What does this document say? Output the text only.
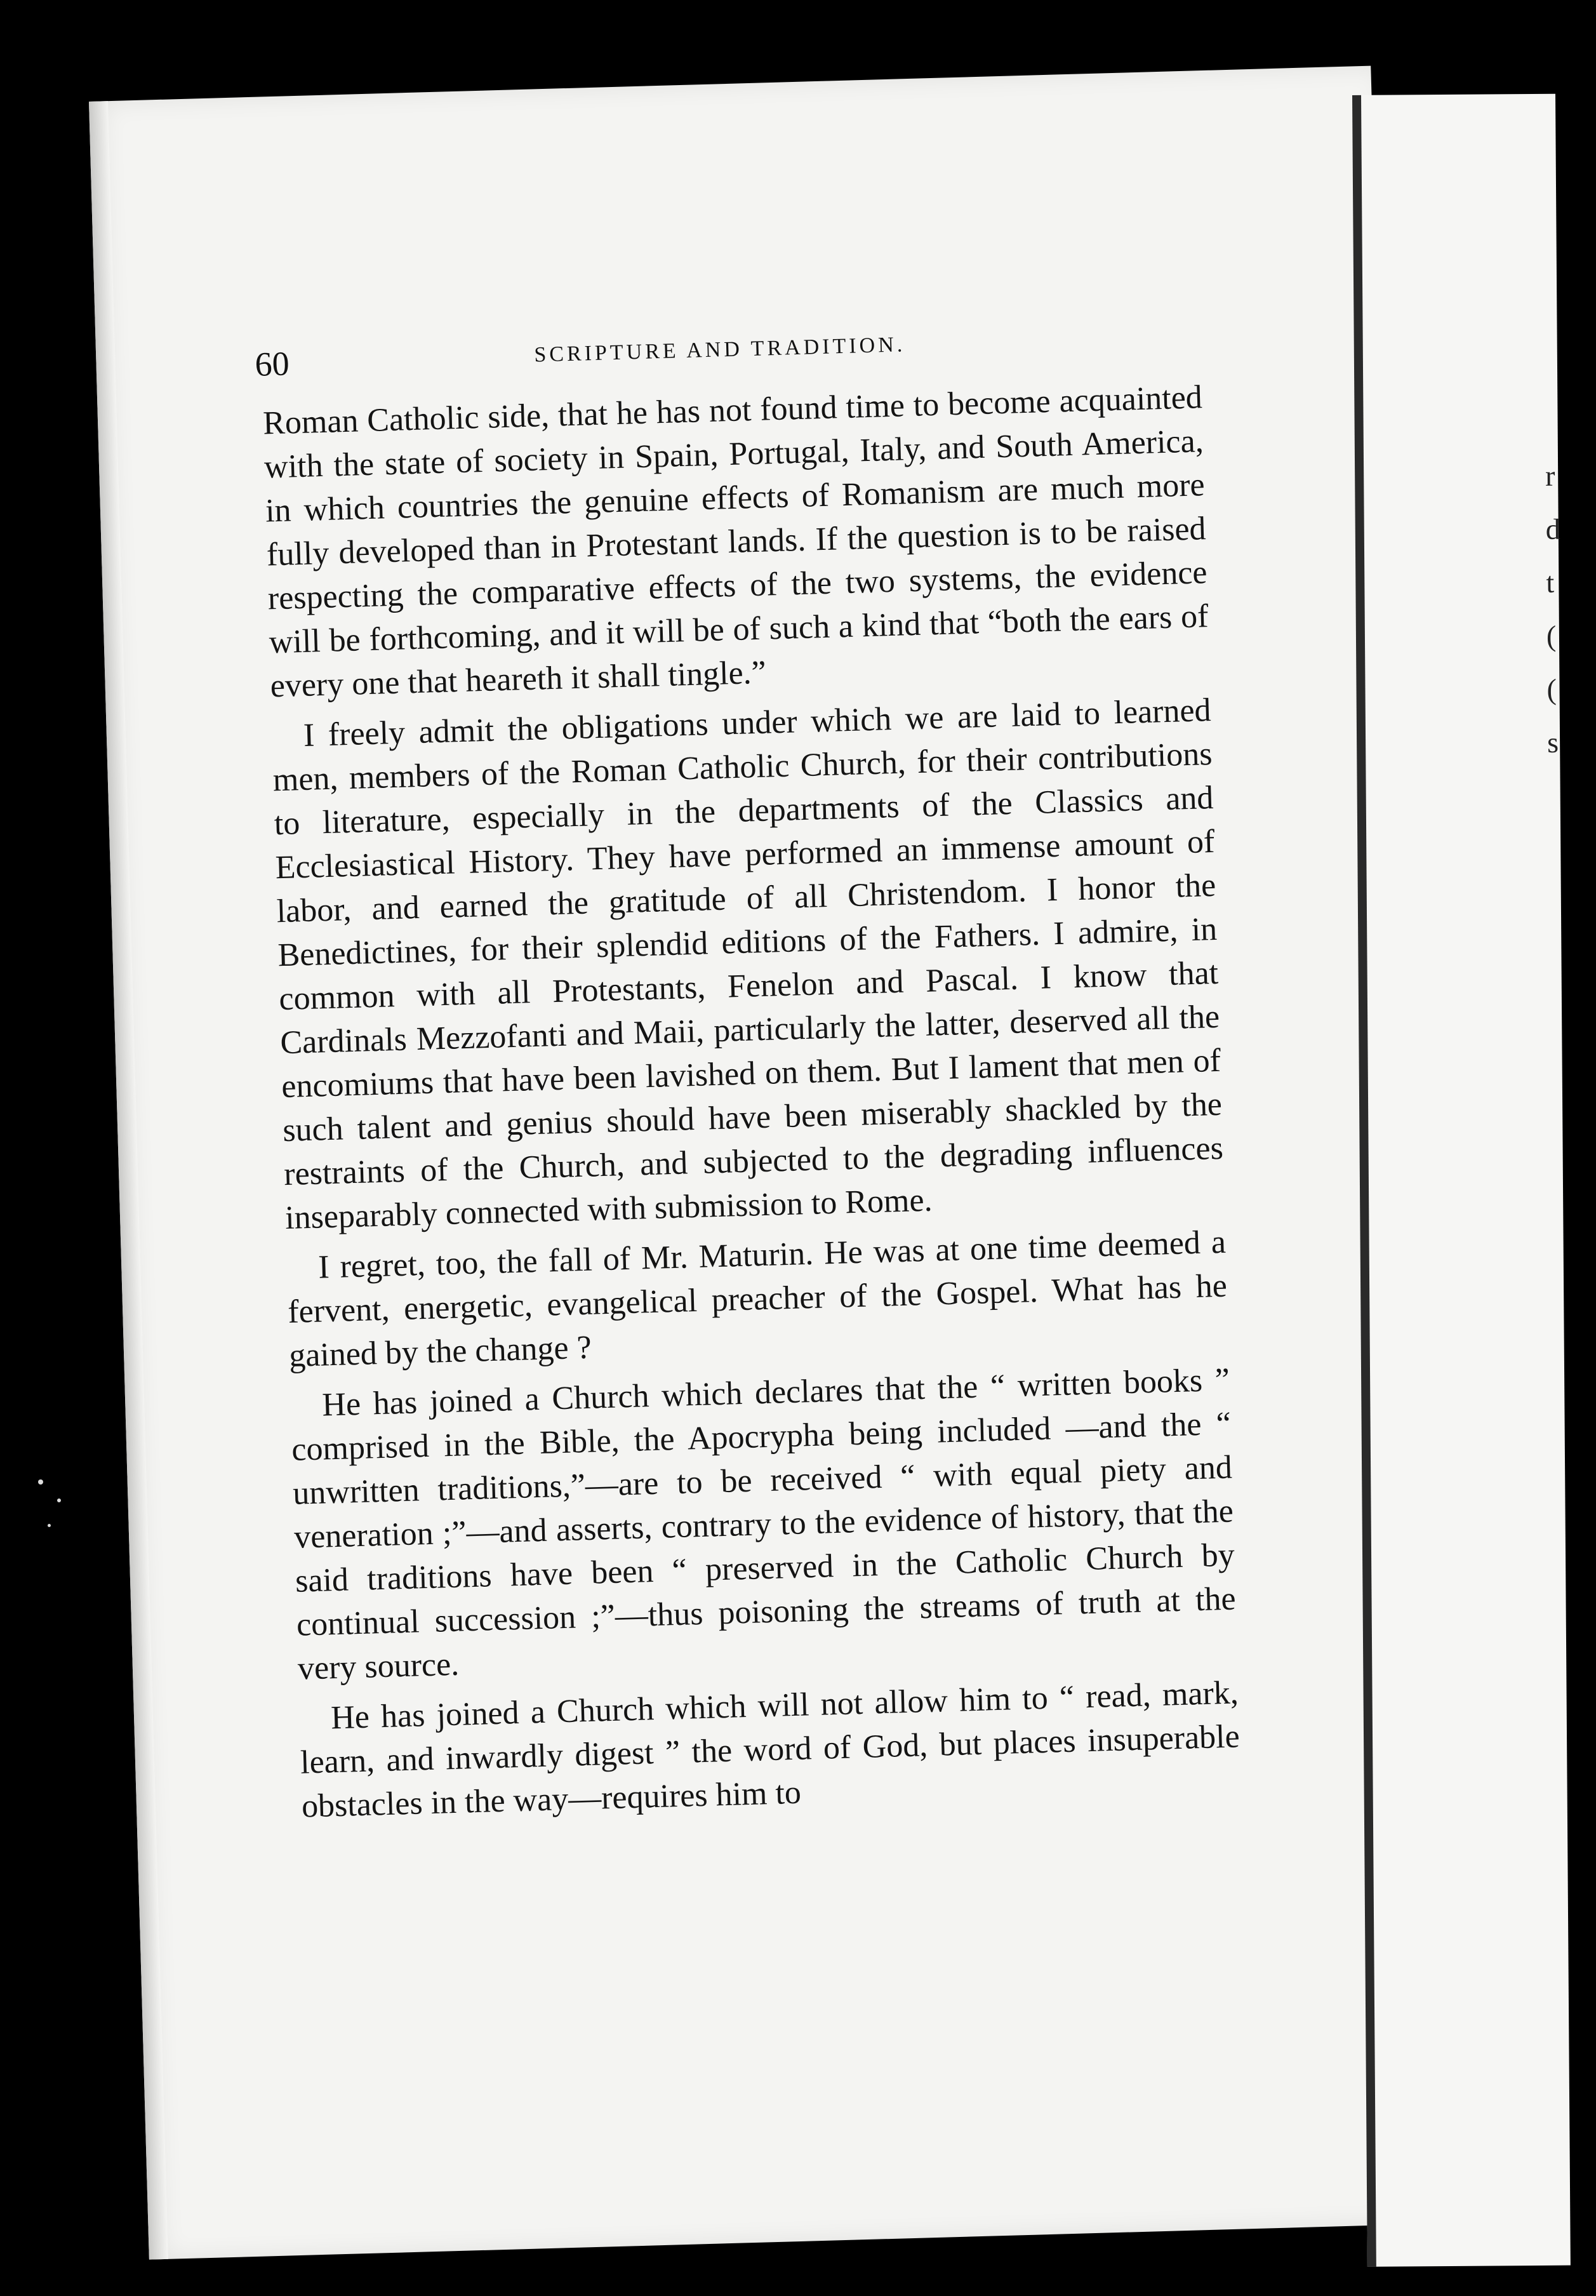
60	SCRIPTURE AND TRADITION.

Roman Catholic side, that he has not found time to become acquainted with the state of society in Spain, Portugal, Italy, and South America, in which countries the genuine effects of Romanism are much more fully developed than in Protestant lands. If the question is to be raised respecting the comparative effects of the two systems, the evidence will be forthcoming, and it will be of such a kind that “both the ears of every one that heareth it shall tingle.”

I freely admit the obligations under which we are laid to learned men, members of the Roman Catholic Church, for their contributions to literature, especially in the departments of the Classics and Ecclesiastical History. They have performed an immense amount of labor, and earned the gratitude of all Christendom. I honor the Benedictines, for their splendid editions of the Fathers. I admire, in common with all Protestants, Fenelon and Pascal. I know that Cardinals Mezzofanti and Maii, particularly the latter, deserved all the encomiums that have been lavished on them. But I lament that men of such talent and genius should have been miserably shackled by the restraints of the Church, and subjected to the degrading influences inseparably connected with submission to Rome.

I regret, too, the fall of Mr. Maturin. He was at one time deemed a fervent, energetic, evangelical preacher of the Gospel. What has he gained by the change ?

He has joined a Church which declares that the “ written books ” comprised in the Bible, the Apocrypha being included —and the “ unwritten traditions,”—are to be received “ with equal piety and veneration ;”—and asserts, contrary to the evidence of history, that the said traditions have been “ preserved in the Catholic Church by continual succession ;”—thus poisoning the streams of truth at the very source.

He has joined a Church which will not allow him to “ read, mark, learn, and inwardly digest ” the word of God, but places insuperable obstacles in the way—requires him to

r
d
t
(
(
s
